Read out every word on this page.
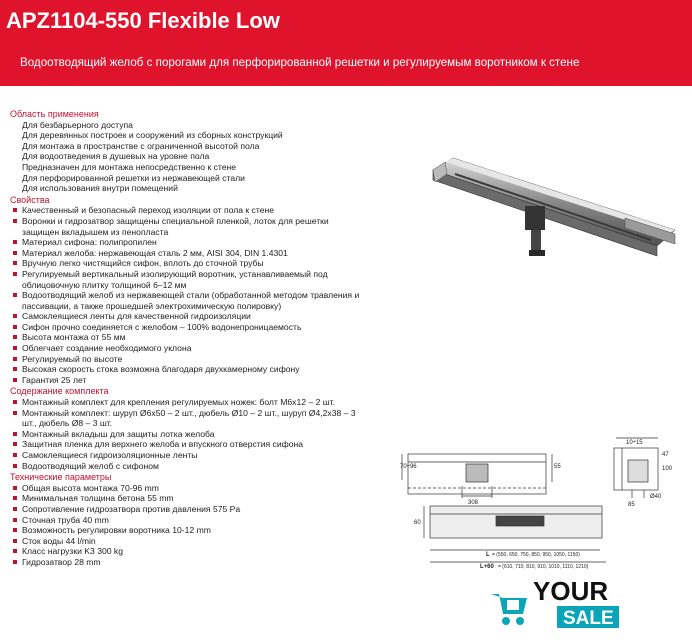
APZ1104-550 Flexible Low
Водоотводящий желоб с порогами для перфорированной решетки и регулируемым воротником к стене
Область применения
Для безбарьерного доступа
Для деревянных построек и сооружений из сборных конструкций
Для монтажа в пространстве с ограниченной высотой пола
Для водоотведения в душевых на уровне пола
Предназначен для монтажа непосредственно к стене
Для перфорированной решетки из нержавеющей стали
Для использования внутри помещений
Свойства
Качественный и безопасный переход изоляции от пола к стене
Воронки и гидрозатвор защищены специальной пленкой, лоток для решетки защищен вкладышем из пенопласта
Материал сифона: полипропилен
Материал желоба: нержавеющая сталь 2 мм, AISI 304, DIN 1.4301
Вручную легко чистящийся сифон, вплоть до сточной трубы
Регулируемый вертикальный изолирующий воротник, устанавливаемый под облицовочную плитку толщиной 6–12 мм
Водоотводящий желоб из нержавеющей стали (обработанной методом травления и пассивации, а также прошедшей электрохимическую полировку)
Самоклеящиеся ленты для качественной гидроизоляции
Сифон прочно соединяется с желобом – 100% водонепроницаемость
Высота монтажа от 55 мм
Облегчает создание необходимого уклона
Регулируемый по высоте
Высокая скорость стока возможна благодаря двухкамерному сифону
Гарантия 25 лет
Содержание комплекта
Монтажный комплект для крепления регулируемых ножек: болт М6x12 – 2 шт.
Монтажный комплект: шуруп Ø6x50 – 2 шт., дюбель Ø10 – 2 шт., шуруп Ø4,2x38 – 3 шт., дюбель Ø8 – 3 шт.
Монтажный вкладыш для защиты лотка желоба
Защитная пленка для верхнего желоба и впускного отверстия сифона
Самоклеящиеся гидроизоляционные ленты
Водоотводящий желоб с сифоном
Технические параметры
Общая высота монтажа 70-96 mm
Минимальная толщина бетона 55 mm
Сопротивление гидрозатвора против давления 575 Pa
Сточная труба 40 mm
Возможность регулировки воротника 10-12 mm
Сток воды 44 l/min
Класс нагрузки K3 300 kg
Гидрозатвор 28 mm
10÷15
47
55
70÷96
308
100
85
Ø40
60
L = (550, 650, 750, 850, 950, 1050, 1150)
L+60 = (610, 710, 810, 910, 1010, 1110, 1210)
YOUR
SALE
